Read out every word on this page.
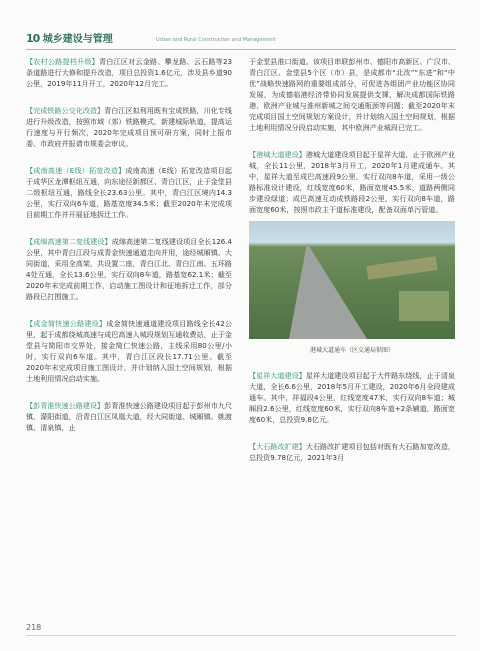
10 城乡建设与管理	Urban and Rural Construction and Management

【农村公路提档升级】青白江区对云金路、攀龙路、云石路等23条道路进行大修和提升改造，项目总投资1.6亿元，涉及县乡道90公里，2019年11月开工，2020年12月完工。

【完成铁路公交化改造】青白江区拟利用既有宝成铁路，川化专线进行升级改造，按照市域（郊）铁路模式，新建城际轨道，提高运行速度与开行频次，2020年完成项目预可研方案，同时上报市委、市政府并报请市规委会审议。

【成南高速（E线）拓宽改造】成南高速（E线）拓宽改造项目起于成华区龙潭枢纽互通，向东途径新都区、青白江区，止于金堂县二级枢纽互通，路线全长23.63公里。其中，青白江区境内14.3公里，实行双向6车道，路基宽度34.5米；截至2020年末完成项目前期工作并开展征地拆迁工作。

【成绵高速第二复线建设】成绵高速第二复线建设项目全长126.4公里，其中青白江段与成青金快速通道走向并用，途经城厢镇、大同街道，采用全高架、共设置二座，青白江北、青白江南、五环路4处互通，全长13.6公里，实行双向8车道，路基宽62.1米；截至2020年末完成前期工作，启动施工图设计和征地拆迁工作，部分路段已打围施工。

【成金简快速公路建设】成金简快速通道建设项目路线全长42公里，起于成都绕城高速与成巴高速入城段规划互通收费站，止于金堂县与简阳市交界处，接金简仁快速公路，主线采用80公里/小时，实行双向6车道。其中，青白江区段长17.71公里。截至2020年末完成项目施工图设计，并计划纳入国土空间规划，根据土地利用情况启动实施。

【彭青淮快速公路建设】彭青淮快速公路建设项目起于彭州市九尺镇、濛阳街道，沿青白江区凤凰大道，经大同街道、城厢镇、姚渡镇、清泉镇，止

于金堂县淮口街道。该项目串联彭州市、德阳市高新区、广汉市、青白江区、金堂县5个区（市）县，是成都市“北改”“东进”和“中优”战略快速路网的重要组成部分，可促进各组团产业功能区协同发展，为成德临港经济带协同发展提供支撑，解决成都国际铁路港、欧洲产业城与淮州新城之间交通瓶颈等问题；截至2020年末完成项目国土空间规划方案设计，并计划纳入国土空间规划，根据土地利用情况分段启动实施，其中欧洲产业城段已完工。

【港城大道建设】港城大道建设项目起于星祥大道，止于欧洲产业城，全长11公里，2018年3月开工，2020年1月建成通车。其中，星祥大道至成巴高速段9公里，实行双向8车道，采用一级公路标准设计建设，红线宽度60米，路面宽度45.5米，道路两侧同步建设绿道；成巴高速互动成铁路段2公里，实行双向8车道，路面宽度60米，按照市政主干道标准建设，配备双面单污管道。

港城大道通车（区交通局供图）

【星祥大道建设】星祥大道建设项目起于大件路东绕线，止于清泉大道，全长6.6公里，2018年5月开工建设，2020年6月全段建成通车。其中，祥福段4公里，红线宽度47米，实行双向8车道；城厢段2.6公里，红线宽度60米，实行双向8车道+2条辅道，路面宽度60米，总投资9.8亿元。

【大石路改扩建】大石路改扩建项目包括对既有大石路加宽改造，总投资9.78亿元，2021年3月

218
